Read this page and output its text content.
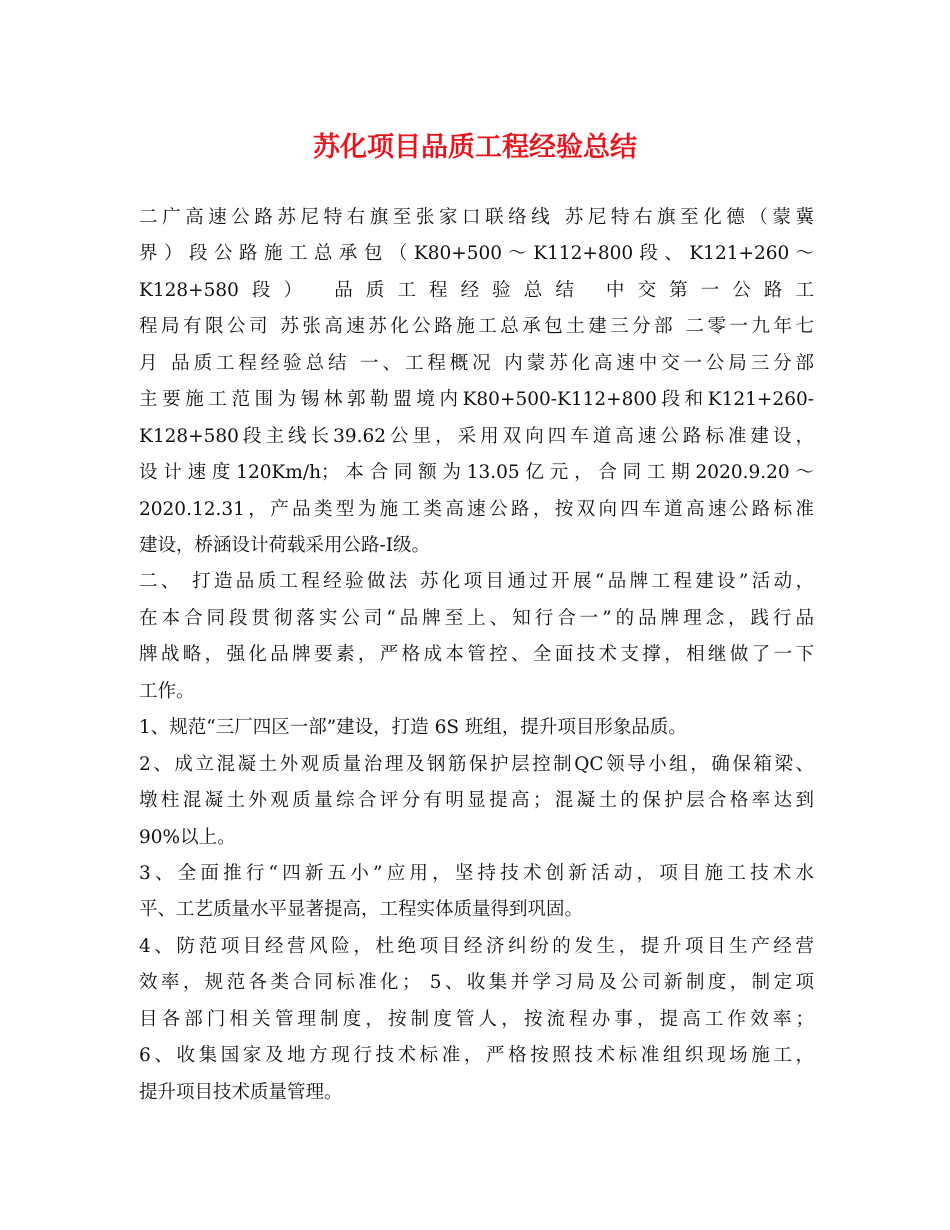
苏化项目品质工程经验总结
二广高速公路苏尼特右旗至张家口联络线 苏尼特右旗至化德（蒙冀
界 ） 段 公 路 施 工 总 承 包 （ K80+500 ～ K112+800 段 、 K121+260 ～
K128+580段） 品质工程经验总结 中交第一公路工
程局有限公司 苏张高速苏化公路施工总承包土建三分部 二零一九年七
月 品质工程经验总结 一、工程概况 内蒙苏化高速中交一公局三分部
主要施工范围为锡林郭勒盟境内K80+500-K112+800段和K121+260-
K128+580段主线长39.62公里，采用双向四车道高速公路标准建设，
设计速度120Km/h；本合同额为13.05亿元，合同工期2020.9.20～
2020.12.31，产品类型为施工类高速公路，按双向四车道高速公路标准
建设，桥涵设计荷载采用公路-Ⅰ级。
二、 打造品质工程经验做法 苏化项目通过开展“品牌工程建设”活动，
在本合同段贯彻落实公司“品牌至上、知行合一”的品牌理念，践行品
牌战略，强化品牌要素，严格成本管控、全面技术支撑，相继做了一下
工作。
1、规范“三厂四区一部”建设，打造 6S 班组，提升项目形象品质。
2、成立混凝土外观质量治理及钢筋保护层控制QC领导小组，确保箱梁、
墩柱混凝土外观质量综合评分有明显提高；混凝土的保护层合格率达到
90%以上。
3、全面推行“四新五小”应用，坚持技术创新活动，项目施工技术水
平、工艺质量水平显著提高，工程实体质量得到巩固。
4、防范项目经营风险，杜绝项目经济纠纷的发生，提升项目生产经营
效率，规范各类合同标准化； 5、收集并学习局及公司新制度，制定项
目各部门相关管理制度，按制度管人，按流程办事，提高工作效率；
6、收集国家及地方现行技术标准，严格按照技术标准组织现场施工，
提升项目技术质量管理。
